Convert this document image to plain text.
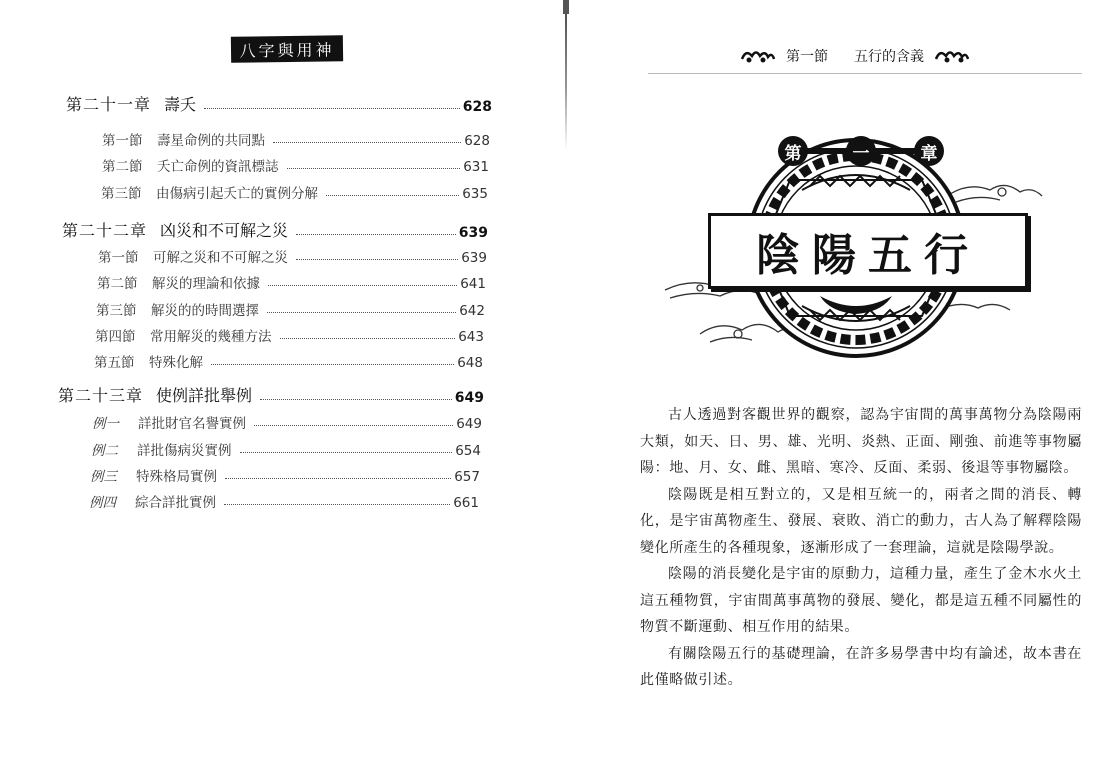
八字與用神
第二十一章 壽夭	628
第一節	壽星命例的共同點	628
第二節	夭亡命例的資訊標誌	631
第三節	由傷病引起夭亡的實例分解	635
第二十二章 凶災和不可解之災	639
第一節	可解之災和不可解之災	639
第二節	解災的理論和依據	641
第三節	解災的的時間選擇	642
第四節	常用解災的幾種方法	643
第五節	特殊化解	648
第二十三章 使例詳批舉例	649
例一	詳批財官名譽實例	649
例二	詳批傷病災實例	654
例三	特殊格局實例	657
例四	綜合詳批實例	661
第一節 五行的含義
第	一	章
陰陽五行

古人透過對客觀世界的觀察，認為宇宙間的萬事萬物分為陰陽兩大類，如天、日、男、雄、光明、炎熱、正面、剛強、前進等事物屬陽：地、月、女、雌、黑暗、寒冷、反面、柔弱、後退等事物屬陰。

陰陽既是相互對立的，又是相互統一的，兩者之間的消長、轉化，是宇宙萬物產生、發展、衰敗、消亡的動力，古人為了解釋陰陽變化所產生的各種現象，逐漸形成了一套理論，這就是陰陽學說。

陰陽的消長變化是宇宙的原動力，這種力量，產生了金木水火土這五種物質，宇宙間萬事萬物的發展、變化，都是這五種不同屬性的物質不斷運動、相互作用的結果。

有關陰陽五行的基礎理論，在許多易學書中均有論述，故本書在此僅略做引述。
